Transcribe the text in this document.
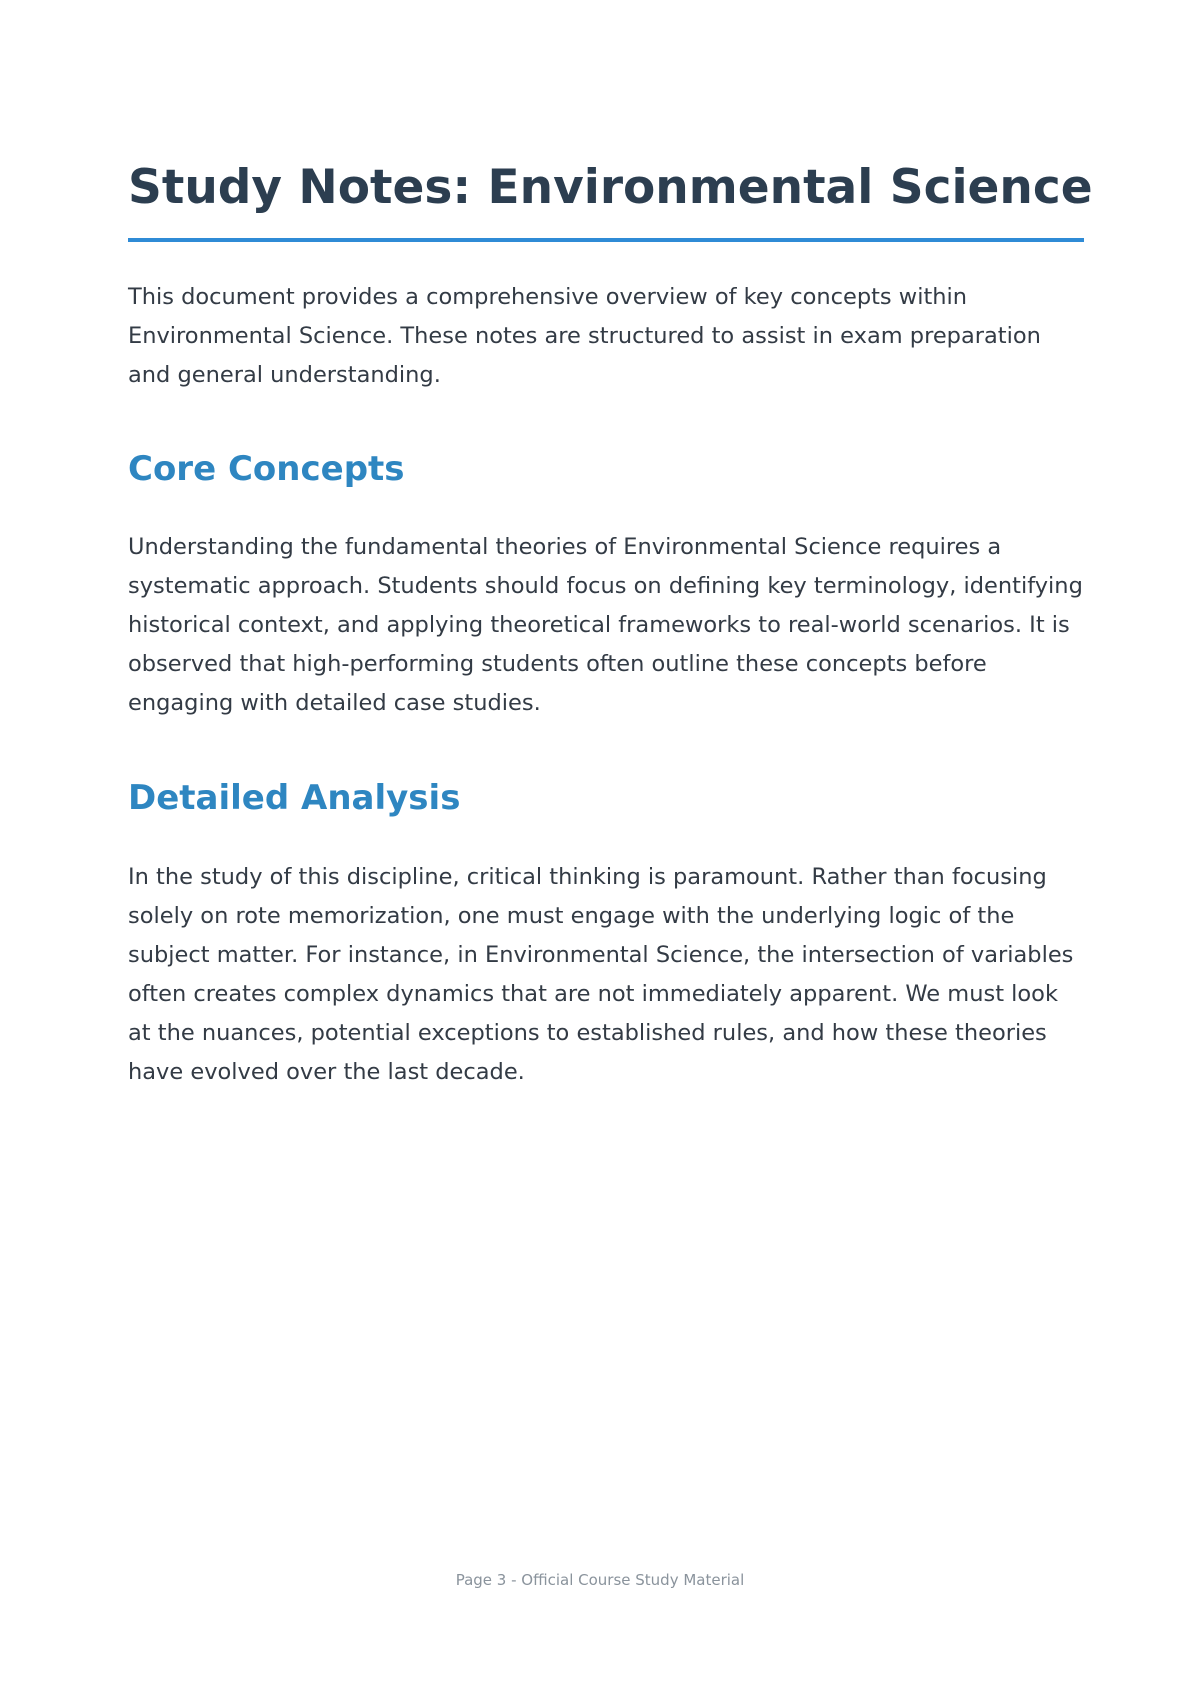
Study Notes: Environmental Science

This document provides a comprehensive overview of key concepts within Environmental Science. These notes are structured to assist in exam preparation and general understanding.

Core Concepts

Understanding the fundamental theories of Environmental Science requires a systematic approach. Students should focus on defining key terminology, identifying historical context, and applying theoretical frameworks to real-world scenarios. It is observed that high-performing students often outline these concepts before engaging with detailed case studies.

Detailed Analysis

In the study of this discipline, critical thinking is paramount. Rather than focusing solely on rote memorization, one must engage with the underlying logic of the subject matter. For instance, in Environmental Science, the intersection of variables often creates complex dynamics that are not immediately apparent. We must look at the nuances, potential exceptions to established rules, and how these theories have evolved over the last decade.

Page 3 - Official Course Study Material
